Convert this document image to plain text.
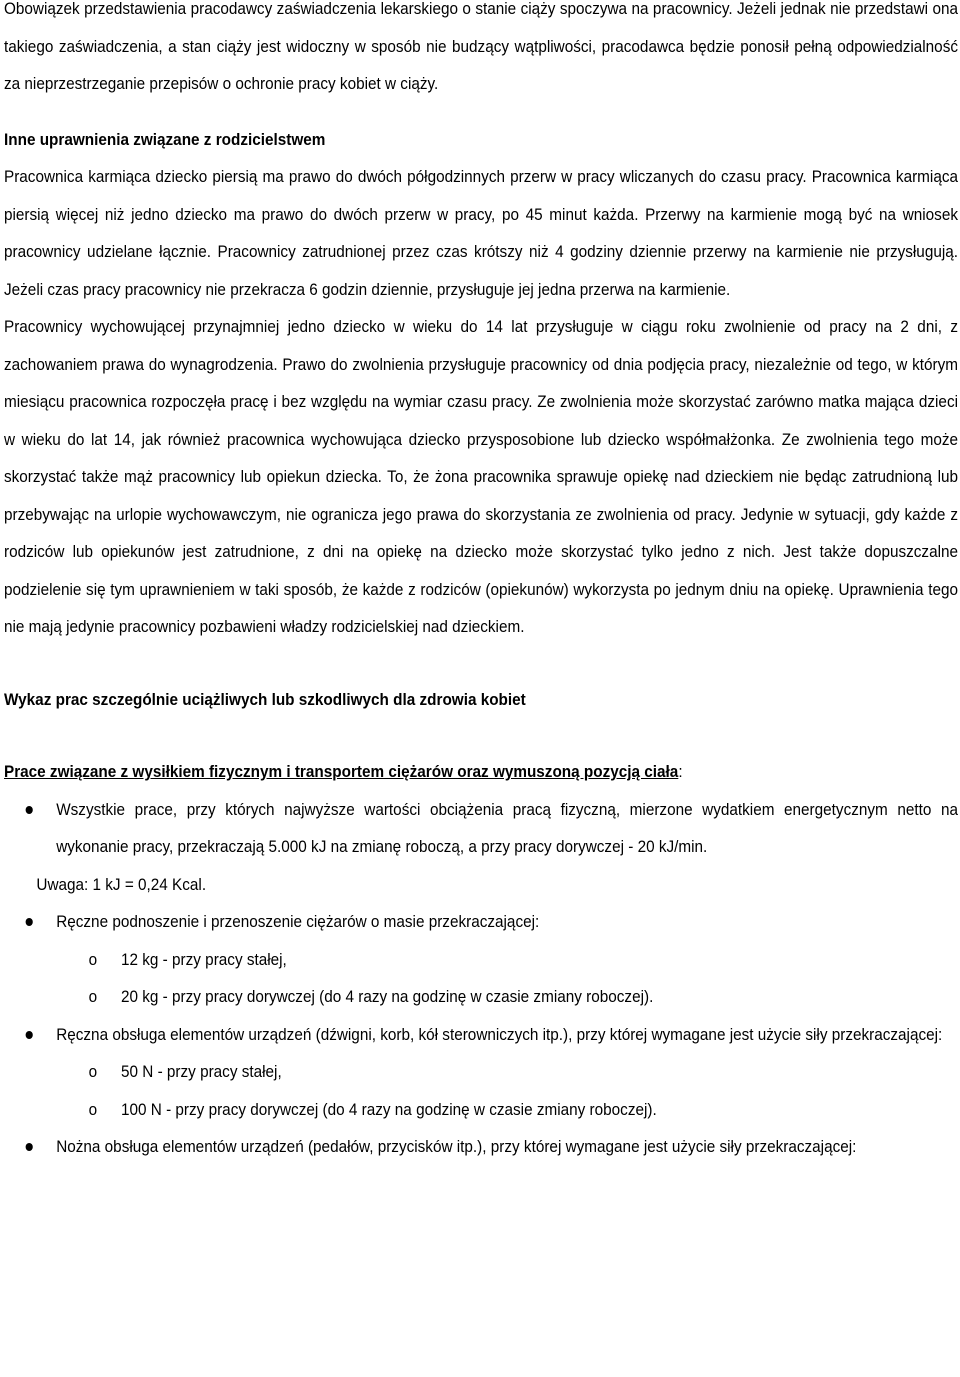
Obowiązek przedstawienia pracodawcy zaświadczenia lekarskiego o stanie ciąży spoczywa na pracownicy. Jeżeli jednak nie przedstawi ona takiego zaświadczenia, a stan ciąży jest widoczny w sposób nie budzący wątpliwości, pracodawca będzie ponosił pełną odpowiedzialność za nieprzestrzeganie przepisów o ochronie pracy kobiet w ciąży.

Inne uprawnienia związane z rodzicielstwem

Pracownica karmiąca dziecko piersią ma prawo do dwóch półgodzinnych przerw w pracy wliczanych do czasu pracy. Pracownica karmiąca piersią więcej niż jedno dziecko ma prawo do dwóch przerw w pracy, po 45 minut każda. Przerwy na karmienie mogą być na wniosek pracownicy udzielane łącznie. Pracownicy zatrudnionej przez czas krótszy niż 4 godziny dziennie przerwy na karmienie nie przysługują. Jeżeli czas pracy pracownicy nie przekracza 6 godzin dziennie, przysługuje jej jedna przerwa na karmienie.

Pracownicy wychowującej przynajmniej jedno dziecko w wieku do 14 lat przysługuje w ciągu roku zwolnienie od pracy na 2 dni, z zachowaniem prawa do wynagrodzenia. Prawo do zwolnienia przysługuje pracownicy od dnia podjęcia pracy, niezależnie od tego, w którym miesiącu pracownica rozpoczęła pracę i bez względu na wymiar czasu pracy. Ze zwolnienia może skorzystać zarówno matka mająca dzieci w wieku do lat 14, jak również pracownica wychowująca dziecko przysposobione lub dziecko współmałżonka. Ze zwolnienia tego może skorzystać także mąż pracownicy lub opiekun dziecka. To, że żona pracownika sprawuje opiekę nad dzieckiem nie będąc zatrudnioną lub przebywając na urlopie wychowawczym, nie ogranicza jego prawa do skorzystania ze zwolnienia od pracy. Jedynie w sytuacji, gdy każde z rodziców lub opiekunów jest zatrudnione, z dni na opiekę na dziecko może skorzystać tylko jedno z nich. Jest także dopuszczalne podzielenie się tym uprawnieniem w taki sposób, że każde z rodziców (opiekunów) wykorzysta po jednym dniu na opiekę. Uprawnienia tego nie mają jedynie pracownicy pozbawieni władzy rodzicielskiej nad dzieckiem.

Wykaz prac szczególnie uciążliwych lub szkodliwych dla zdrowia kobiet

Prace związane z wysiłkiem fizycznym i transportem ciężarów oraz wymuszoną pozycją ciała:

Wszystkie prace, przy których najwyższe wartości obciążenia pracą fizyczną, mierzone wydatkiem energetycznym netto na wykonanie pracy, przekraczają 5.000 kJ na zmianę roboczą, a przy pracy dorywczej - 20 kJ/min.

Uwaga: 1 kJ = 0,24 Kcal.

Ręczne podnoszenie i przenoszenie ciężarów o masie przekraczającej:
o 12 kg - przy pracy stałej,
o 20 kg - przy pracy dorywczej (do 4 razy na godzinę w czasie zmiany roboczej).
Ręczna obsługa elementów urządzeń (dźwigni, korb, kół sterowniczych itp.), przy której wymagane jest użycie siły przekraczającej:
o 50 N - przy pracy stałej,
o 100 N - przy pracy dorywczej (do 4 razy na godzinę w czasie zmiany roboczej).
Nożna obsługa elementów urządzeń (pedałów, przycisków itp.), przy której wymagane jest użycie siły przekraczającej:
